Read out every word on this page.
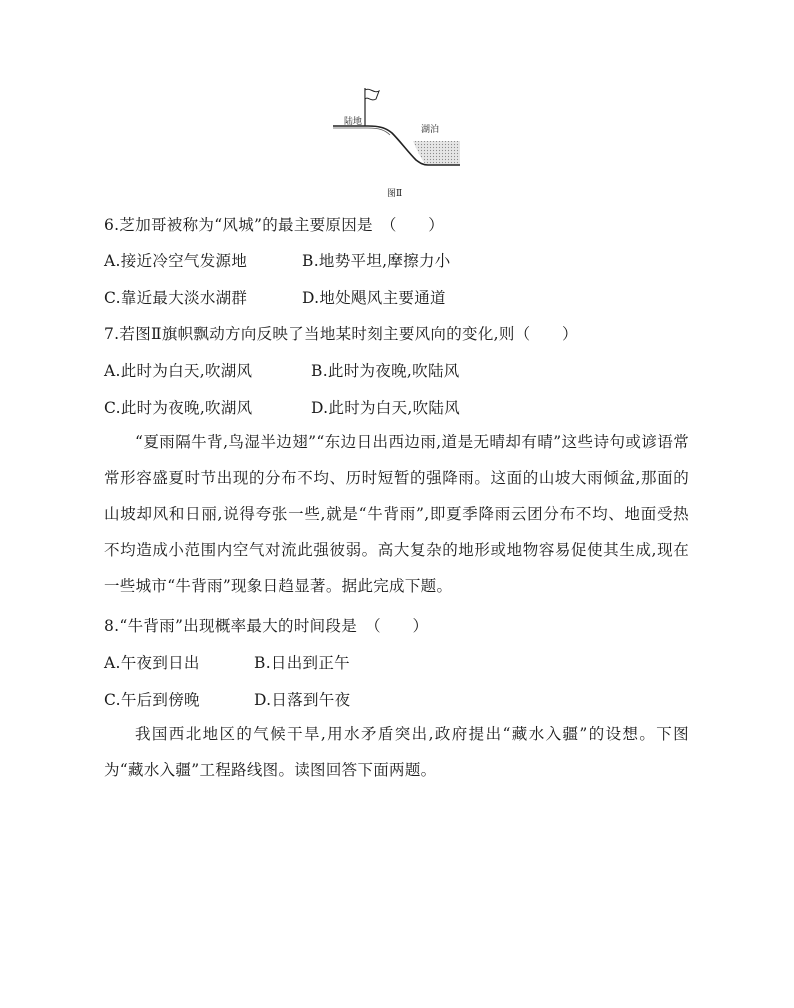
陆地
湖泊
图Ⅱ
6.芝加哥被称为“风城”的最主要原因是　（　　）
A.接近冷空气发源地	B.地势平坦,摩擦力小
C.靠近最大淡水湖群	D.地处飓风主要通道
7.若图Ⅱ旗帜飘动方向反映了当地某时刻主要风向的变化,则（　　）
A.此时为白天,吹湖风	B.此时为夜晚,吹陆风
C.此时为夜晚,吹湖风	D.此时为白天,吹陆风

“夏雨隔牛背,鸟湿半边翅”“东边日出西边雨,道是无晴却有晴”这些诗句或谚语常常形容盛夏时节出现的分布不均、历时短暂的强降雨。这面的山坡大雨倾盆,那面的山坡却风和日丽,说得夸张一些,就是“牛背雨”,即夏季降雨云团分布不均、地面受热不均造成小范围内空气对流此强彼弱。高大复杂的地形或地物容易促使其生成,现在一些城市“牛背雨”现象日趋显著。据此完成下题。

8.“牛背雨”出现概率最大的时间段是　（　　）
A.午夜到日出	B.日出到正午
C.午后到傍晚	D.日落到午夜

我国西北地区的气候干旱,用水矛盾突出,政府提出“藏水入疆”的设想。下图为“藏水入疆”工程路线图。读图回答下面两题。
